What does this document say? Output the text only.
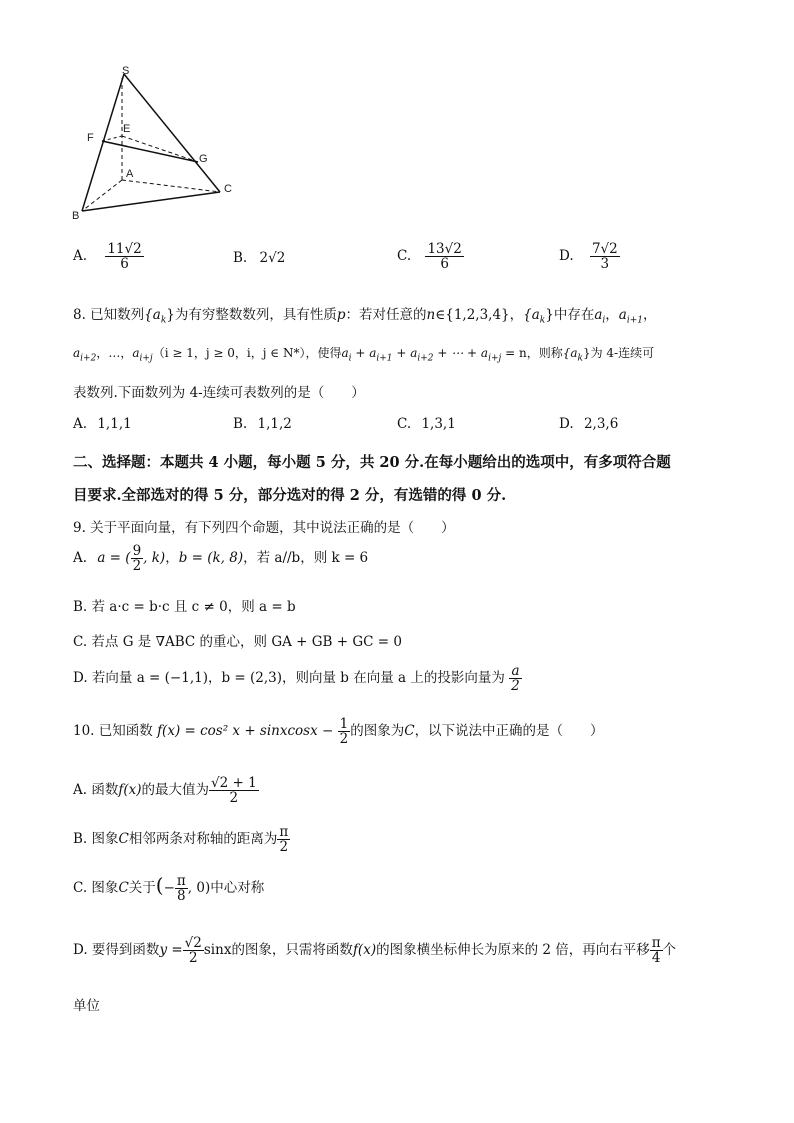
S
F
E
G
A
C
B
A. $\frac{11√2}{6}$	B. 2√2	C. $\frac{13√2}{6}$	D. $\frac{7√2}{3}$
8. 已知数列$\{a_k\}$为有穷整数数列，具有性质p：若对任意的n∈{1,2,3,4}，$\{a_k\}$中存在$a_i$，$a_{i+1}$，
$a_{i+2}$，…，$a_{i+j}(i \ge 1$，j ≥ 0，i，j ∈ N*），使得$a_i + a_{i+1} + a_{i+2}$ + ⋯ + $a_{i+j} = n$，则称$\{a_k\}$为 4-连续可
表数列.下面数列为 4-连续可表数列的是（　　）
A. 1,1,1	B. 1,1,2	C. 1,3,1	D. 2,3,6
二、选择题：本题共 4 小题，每小题 5 分，共 20 分.在每小题给出的选项中，有多项符合题
目要求.全部选对的得 5 分，部分选对的得 2 分，有选错的得 0 分.
9. 关于平面向量，有下列四个命题，其中说法正确的是（　　）
A. a = ( $\frac{9}{2}$ , k)，b = (k, 8)，若 a//b，则 k = 6
B. 若 a·c = b·c 且 c ≠ 0，则 a = b
C. 若点 G 是 ∇ABC 的重心，则 GA + GB + GC = 0
D. 若向量 a = (−1,1)，b = (2,3)，则向量 b 在向量 a 上的投影向量为 $\frac{a}{2}$
10. 已知函数 f(x) = cos² x + sinxcosx − $\frac{1}{2}$ 的图象为C，以下说法中正确的是（　　）
A. 函数f(x)的最大值为 $\frac{√2 + 1}{2}$
B. 图象C相邻两条对称轴的距离为 $\frac{\pi}{2}$
C. 图象C关于(− $\frac{\pi}{8}$ , 0)中心对称
D. 要得到函数$y = \frac{√2}{2}$ sinx的图象，只需将函数f(x)的图象横坐标伸长为原来的 2 倍，再向右平移 $\frac{\pi}{4}$ 个
单位
